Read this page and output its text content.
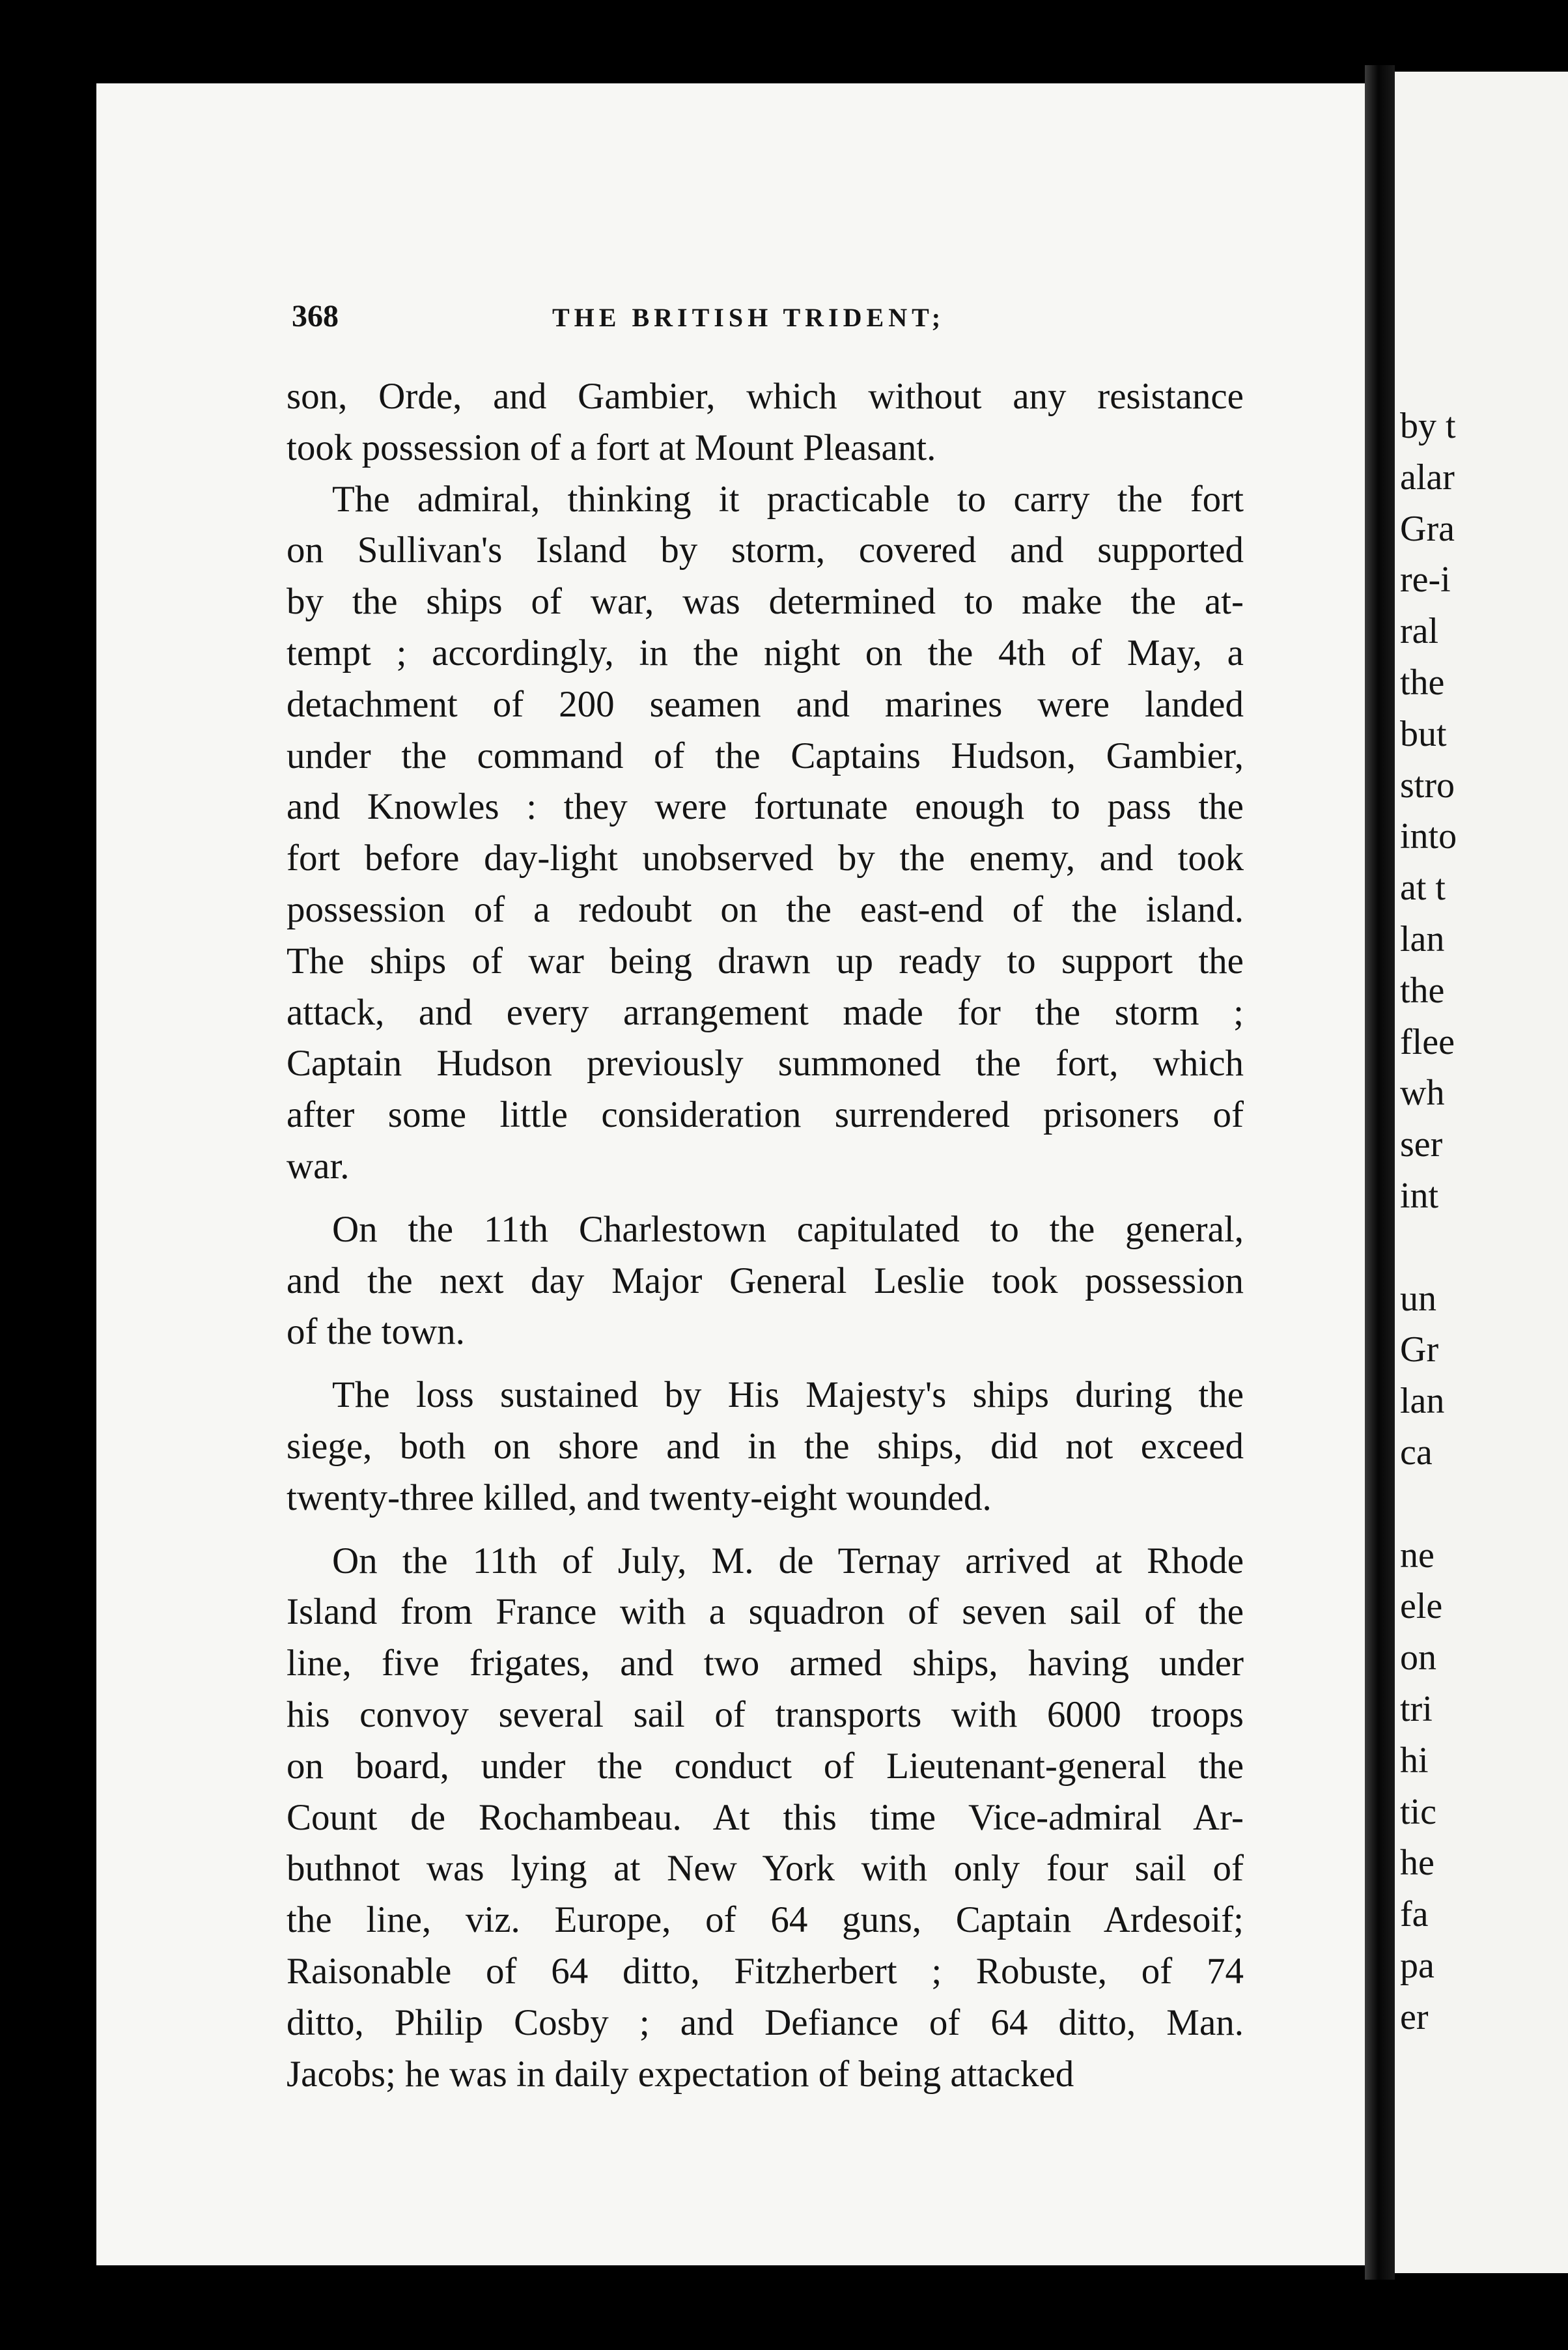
by t
alar
Gra
re-i
ral
the
but
stro
into
at t
lan
the
flee
wh
ser
int
un
Gr
lan
ca
ne
ele
on
tri
hi
tic
he
fa
pa
er
368	THE BRITISH TRIDENT;
son, Orde, and Gambier, which without any resistance
took possession of a fort at Mount Pleasant.
The admiral, thinking it practicable to carry the fort
on Sullivan's Island by storm, covered and supported
by the ships of war, was determined to make the at-
tempt ; accordingly, in the night on the 4th of May, a
detachment of 200 seamen and marines were landed
under the command of the Captains Hudson, Gambier,
and Knowles : they were fortunate enough to pass the
fort before day-light unobserved by the enemy, and took
possession of a redoubt on the east-end of the island.
The ships of war being drawn up ready to support the
attack, and every arrangement made for the storm ;
Captain Hudson previously summoned the fort, which
after some little consideration surrendered prisoners of
war.
On the 11th Charlestown capitulated to the general,
and the next day Major General Leslie took possession
of the town.
The loss sustained by His Majesty's ships during the
siege, both on shore and in the ships, did not exceed
twenty-three killed, and twenty-eight wounded.
On the 11th of July, M. de Ternay arrived at Rhode
Island from France with a squadron of seven sail of the
line, five frigates, and two armed ships, having under
his convoy several sail of transports with 6000 troops
on board, under the conduct of Lieutenant-general the
Count de Rochambeau. At this time Vice-admiral Ar-
buthnot was lying at New York with only four sail of
the line, viz. Europe, of 64 guns, Captain Ardesoif;
Raisonable of 64 ditto, Fitzherbert ; Robuste, of 74
ditto, Philip Cosby ; and Defiance of 64 ditto, Man.
Jacobs; he was in daily expectation of being attacked
